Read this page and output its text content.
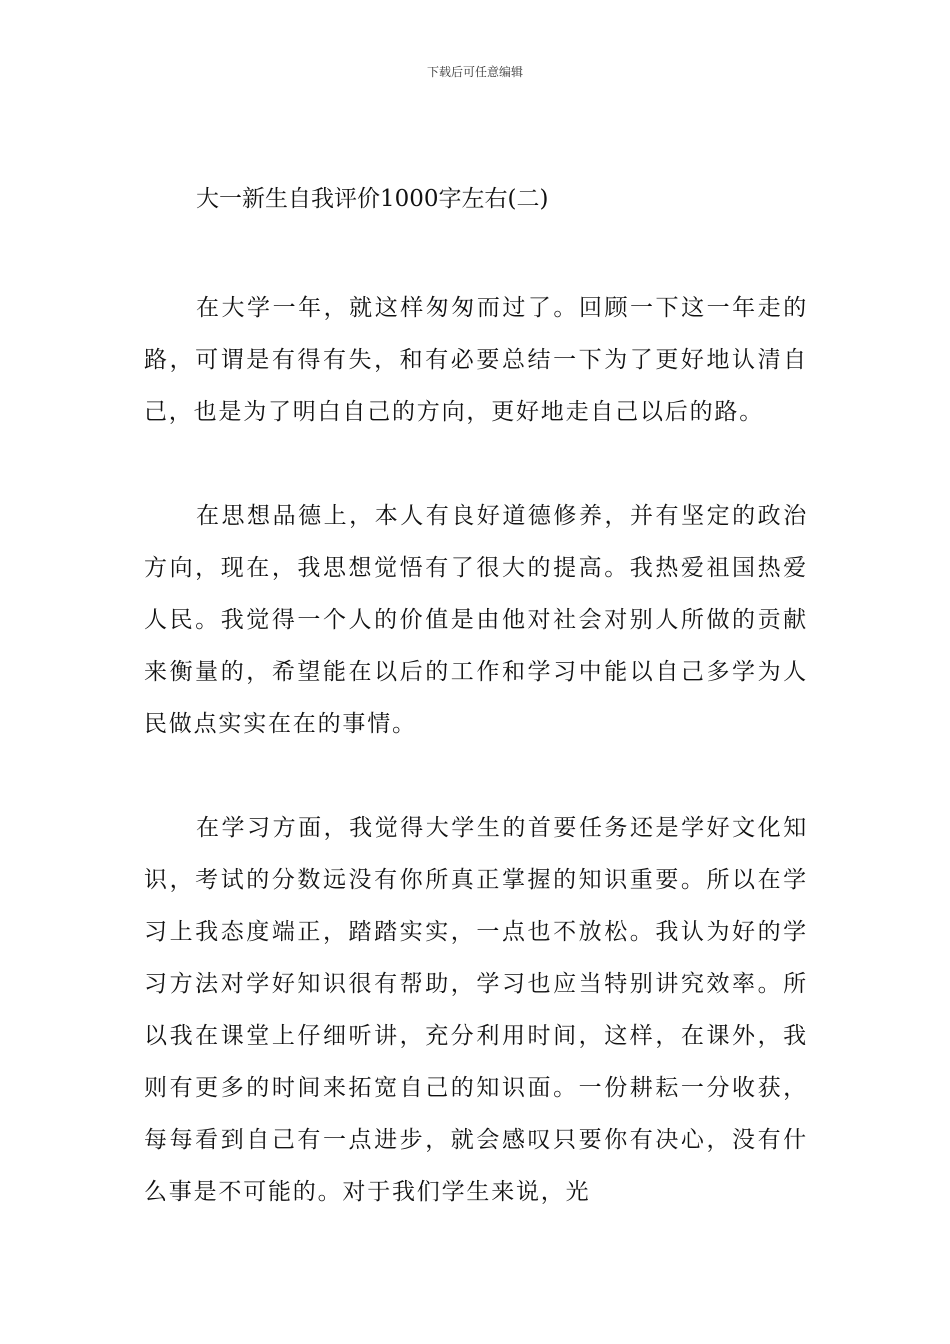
下载后可任意编辑
大一新生自我评价1000字左右(二)

在大学一年，就这样匆匆而过了。回顾一下这一年走的路，可谓是有得有失，和有必要总结一下为了更好地认清自己，也是为了明白自己的方向，更好地走自己以后的路。

在思想品德上，本人有良好道德修养，并有坚定的政治方向，现在，我思想觉悟有了很大的提高。我热爱祖国热爱人民。我觉得一个人的价值是由他对社会对别人所做的贡献来衡量的，希望能在以后的工作和学习中能以自己多学为人民做点实实在在的事情。

在学习方面，我觉得大学生的首要任务还是学好文化知识，考试的分数远没有你所真正掌握的知识重要。所以在学习上我态度端正，踏踏实实，一点也不放松。我认为好的学习方法对学好知识很有帮助，学习也应当特别讲究效率。所以我在课堂上仔细听讲，充分利用时间，这样，在课外，我则有更多的时间来拓宽自己的知识面。一份耕耘一分收获，每每看到自己有一点进步，就会感叹只要你有决心，没有什么事是不可能的。对于我们学生来说，光
